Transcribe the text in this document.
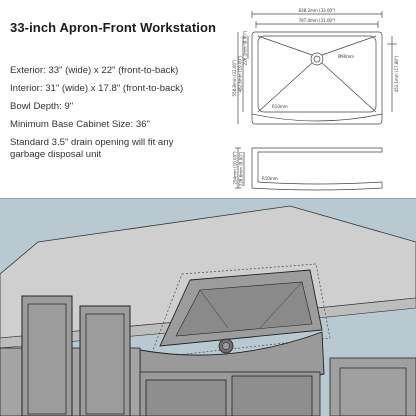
33-inch Apron-Front Workstation
Exterior: 33" (wide) x 22" (front-to-back)
Interior: 31" (wide) x 17.8" (front-to-back)
Bowl Depth: 9"
Minimum Base Cabinet Size: 36"
Standard 3.5" drain opening will fit any
garbage disposal unit
838.2mm (33.00")
787.4mm (31.00")
Ø90mm
R10mm
558.8mm (22.00") 482.6mm (19.00")
226.1mm (8.90")
452.1mm (17.80")
254mm (10.00") 228.6mm (9.00")	R10mm
